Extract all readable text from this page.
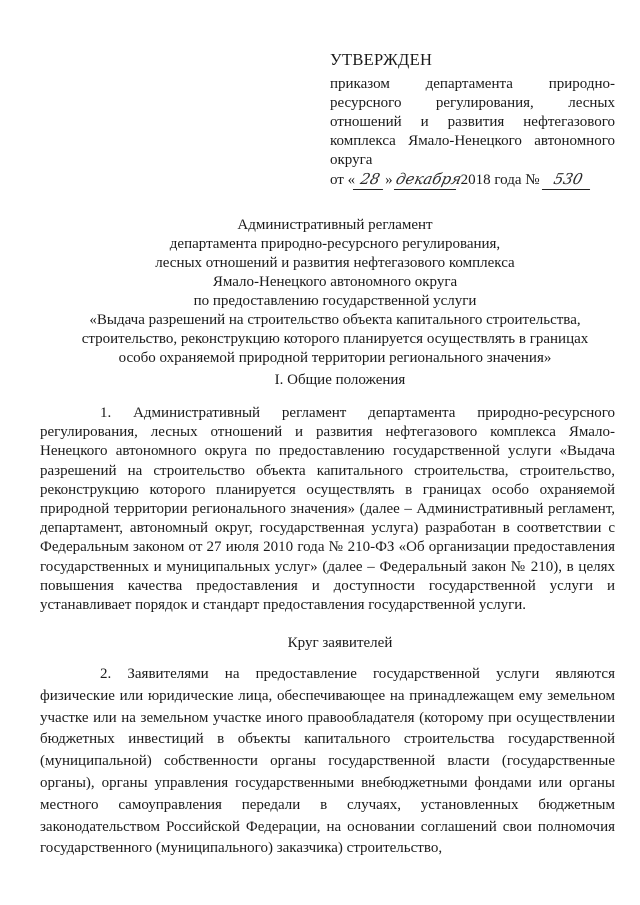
УТВЕРЖДЕН
приказом департамента природно-ресурсного регулирования, лесных отношений и развития нефтегазового комплекса Ямало-Ненецкого автономного округа
от « 28 »декабря2018 года № 530
Административный регламент
департамента природно-ресурсного регулирования,
лесных отношений и развития нефтегазового комплекса
Ямало-Ненецкого автономного округа
по предоставлению государственной услуги
«Выдача разрешений на строительство объекта капитального строительства,
строительство, реконструкцию которого планируется осуществлять в границах
особо охраняемой природной территории регионального значения»
I. Общие положения
1. Административный регламент департамента природно-ресурсного регулирования, лесных отношений и развития нефтегазового комплекса Ямало-Ненецкого автономного округа по предоставлению государственной услуги «Выдача разрешений на строительство объекта капитального строительства, строительство, реконструкцию которого планируется осуществлять в границах особо охраняемой природной территории регионального значения» (далее – Административный регламент, департамент, автономный округ, государственная услуга) разработан в соответствии с Федеральным законом от 27 июля 2010 года № 210-ФЗ «Об организации предоставления государственных и муниципальных услуг» (далее – Федеральный закон № 210), в целях повышения качества предоставления и доступности государственной услуги и устанавливает порядок и стандарт предоставления государственной услуги.
Круг заявителей
2. Заявителями на предоставление государственной услуги являются физические или юридические лица, обеспечивающее на принадлежащем ему земельном участке или на земельном участке иного правообладателя (которому при осуществлении бюджетных инвестиций в объекты капитального строительства государственной (муниципальной) собственности органы государственной власти (государственные органы), органы управления государственными внебюджетными фондами или органы местного самоуправления передали в случаях, установленных бюджетным законодательством Российской Федерации, на основании соглашений свои полномочия государственного (муниципального) заказчика) строительство,
